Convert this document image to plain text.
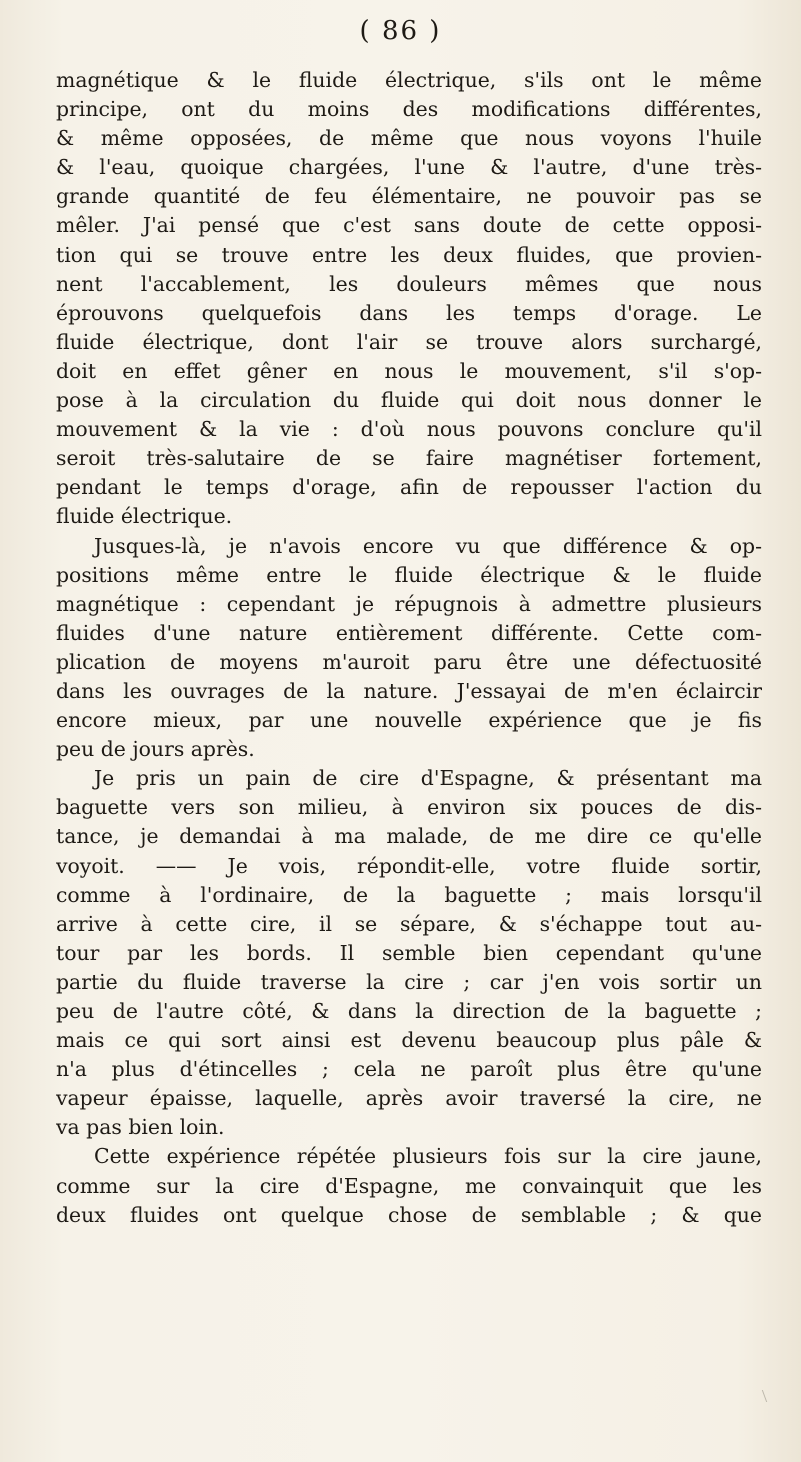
( 86 )
magnétique & le fluide électrique, s'ils ont le même
principe, ont du moins des modifications différentes,
& même opposées, de même que nous voyons l'huile
& l'eau, quoique chargées, l'une & l'autre, d'une très-
grande quantité de feu élémentaire, ne pouvoir pas se
mêler. J'ai pensé que c'est sans doute de cette opposi-
tion qui se trouve entre les deux fluides, que provien-
nent l'accablement, les douleurs mêmes que nous
éprouvons quelquefois dans les temps d'orage. Le
fluide électrique, dont l'air se trouve alors surchargé,
doit en effet gêner en nous le mouvement, s'il s'op-
pose à la circulation du fluide qui doit nous donner le
mouvement & la vie : d'où nous pouvons conclure qu'il
seroit très-salutaire de se faire magnétiser fortement,
pendant le temps d'orage, afin de repousser l'action du
fluide électrique.
Jusques-là, je n'avois encore vu que différence & op-
positions même entre le fluide électrique & le fluide
magnétique : cependant je répugnois à admettre plusieurs
fluides d'une nature entièrement différente. Cette com-
plication de moyens m'auroit paru être une défectuosité
dans les ouvrages de la nature. J'essayai de m'en éclaircir
encore mieux, par une nouvelle expérience que je fis
peu de jours après.
Je pris un pain de cire d'Espagne, & présentant ma
baguette vers son milieu, à environ six pouces de dis-
tance, je demandai à ma malade, de me dire ce qu'elle
voyoit. —— Je vois, répondit-elle, votre fluide sortir,
comme à l'ordinaire, de la baguette ; mais lorsqu'il
arrive à cette cire, il se sépare, & s'échappe tout au-
tour par les bords. Il semble bien cependant qu'une
partie du fluide traverse la cire ; car j'en vois sortir un
peu de l'autre côté, & dans la direction de la baguette ;
mais ce qui sort ainsi est devenu beaucoup plus pâle &
n'a plus d'étincelles ; cela ne paroît plus être qu'une
vapeur épaisse, laquelle, après avoir traversé la cire, ne
va pas bien loin.
Cette expérience répétée plusieurs fois sur la cire jaune,
comme sur la cire d'Espagne, me convainquit que les
deux fluides ont quelque chose de semblable ; & que
